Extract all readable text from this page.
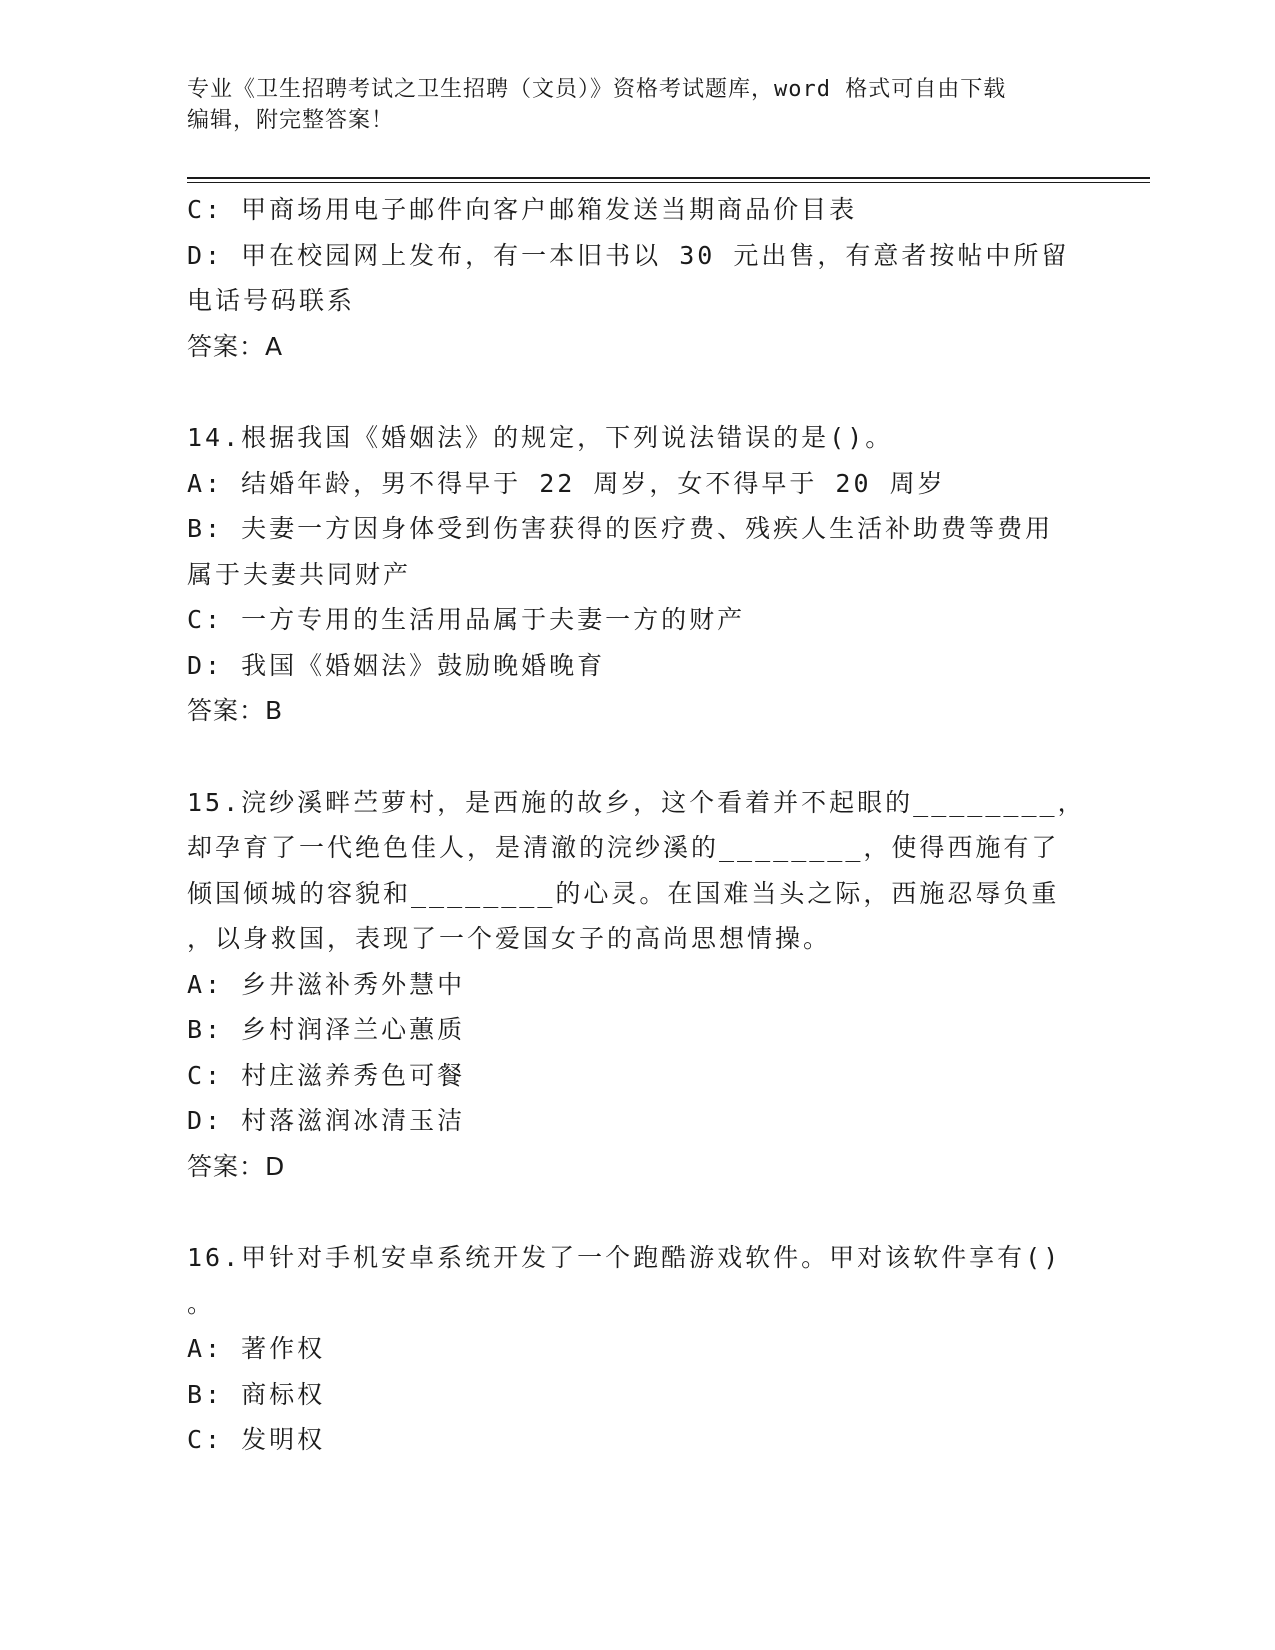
专业《卫生招聘考试之卫生招聘（文员）》资格考试题库，word 格式可自由下载
编辑，附完整答案！
C: 甲商场用电子邮件向客户邮箱发送当期商品价目表
D: 甲在校园网上发布，有一本旧书以 30 元出售，有意者按帖中所留
电话号码联系
答案：A
14.根据我国《婚姻法》的规定，下列说法错误的是()。
A: 结婚年龄，男不得早于 22 周岁，女不得早于 20 周岁
B: 夫妻一方因身体受到伤害获得的医疗费、残疾人生活补助费等费用
属于夫妻共同财产
C: 一方专用的生活用品属于夫妻一方的财产
D: 我国《婚姻法》鼓励晚婚晚育
答案：B
15.浣纱溪畔苎萝村，是西施的故乡，这个看着并不起眼的________，
却孕育了一代绝色佳人，是清澈的浣纱溪的________，使得西施有了
倾国倾城的容貌和________的心灵。在国难当头之际，西施忍辱负重
，以身救国，表现了一个爱国女子的高尚思想情操。
A: 乡井滋补秀外慧中
B: 乡村润泽兰心蕙质
C: 村庄滋养秀色可餐
D: 村落滋润冰清玉洁
答案：D
16.甲针对手机安卓系统开发了一个跑酷游戏软件。甲对该软件享有()
。
A: 著作权
B: 商标权
C: 发明权
